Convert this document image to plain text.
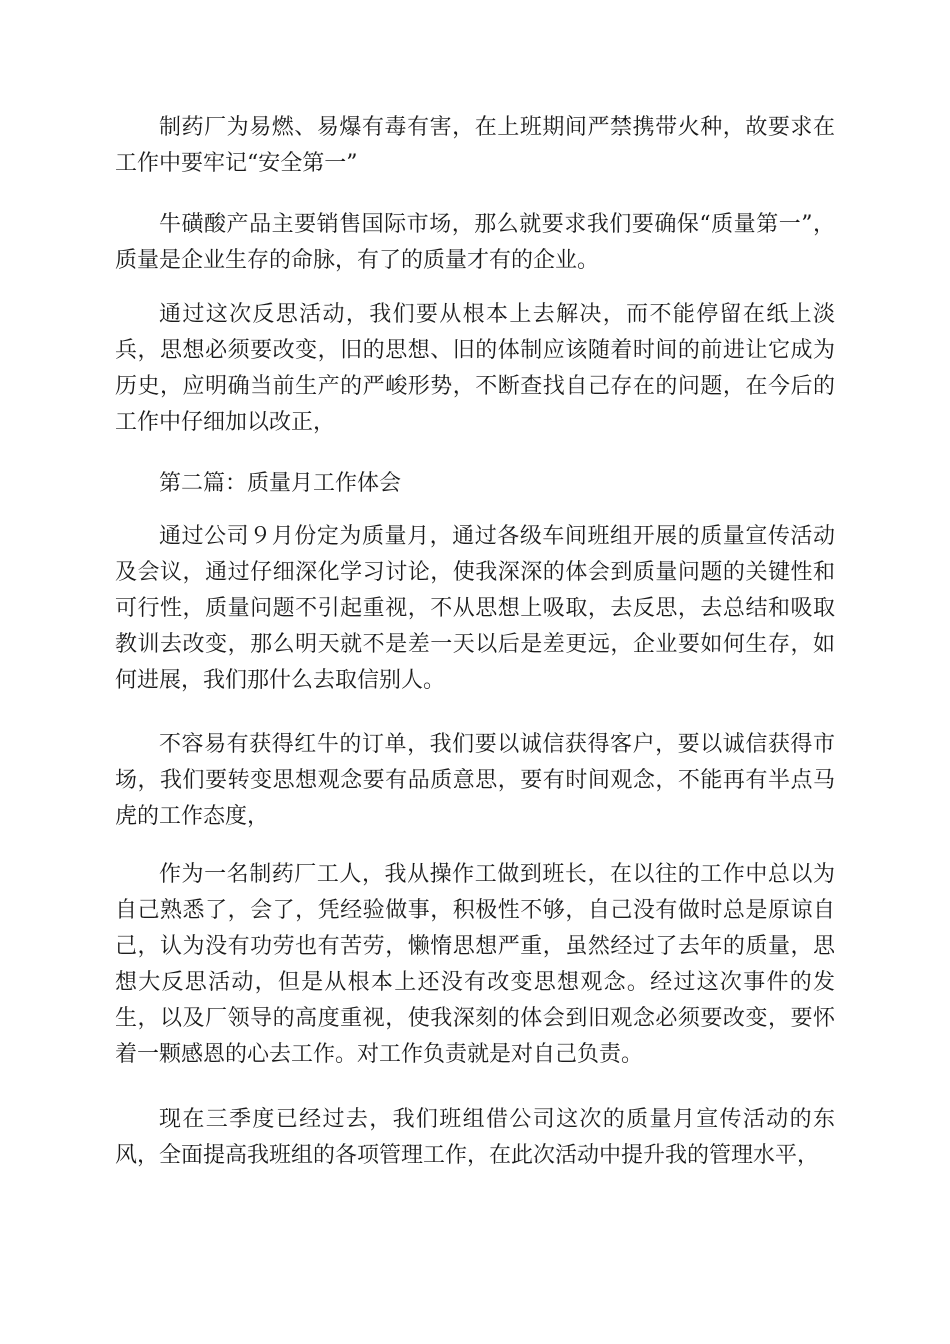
制药厂为易燃、易爆有毒有害，在上班期间严禁携带火种，故要求在工作中要牢记“安全第一”

牛磺酸产品主要销售国际市场，那么就要求我们要确保“质量第一”，质量是企业生存的命脉，有了的质量才有的企业。

通过这次反思活动，我们要从根本上去解决，而不能停留在纸上淡兵，思想必须要改变，旧的思想、旧的体制应该随着时间的前进让它成为历史，应明确当前生产的严峻形势，不断查找自己存在的问题，在今后的工作中仔细加以改正，

第二篇：质量月工作体会

通过公司９月份定为质量月，通过各级车间班组开展的质量宣传活动及会议，通过仔细深化学习讨论，使我深深的体会到质量问题的关键性和可行性，质量问题不引起重视，不从思想上吸取，去反思，去总结和吸取教训去改变，那么明天就不是差一天以后是差更远，企业要如何生存，如何进展，我们那什么去取信别人。

不容易有获得红牛的订单，我们要以诚信获得客户，要以诚信获得市场，我们要转变思想观念要有品质意思，要有时间观念，不能再有半点马虎的工作态度，

作为一名制药厂工人，我从操作工做到班长，在以往的工作中总以为自己熟悉了，会了，凭经验做事，积极性不够，自己没有做时总是原谅自己，认为没有功劳也有苦劳，懒惰思想严重，虽然经过了去年的质量，思想大反思活动，但是从根本上还没有改变思想观念。经过这次事件的发生，以及厂领导的高度重视，使我深刻的体会到旧观念必须要改变，要怀着一颗感恩的心去工作。对工作负责就是对自己负责。

现在三季度已经过去，我们班组借公司这次的质量月宣传活动的东风，全面提高我班组的各项管理工作，在此次活动中提升我的管理水平，
